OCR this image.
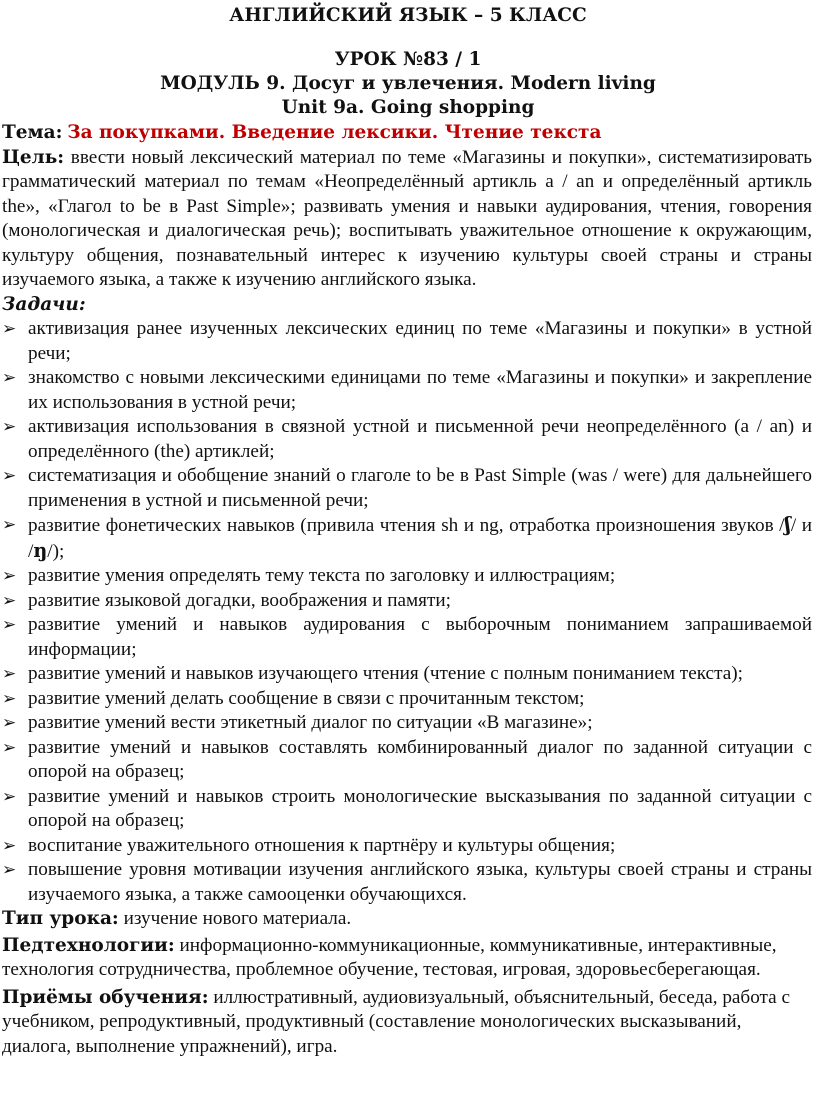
АНГЛИЙСКИЙ ЯЗЫК – 5 КЛАСС

УРОК №83 / 1

МОДУЛЬ 9. Досуг и увлечения. Modern living

Unit 9a. Going shopping

Тема: За покупками. Введение лексики. Чтение текста

Цель: ввести новый лексический материал по теме «Магазины и покупки», систематизировать грамматический материал по темам «Неопределённый артикль a / an и определённый артикль the», «Глагол to be в Past Simple»; развивать умения и навыки аудирования, чтения, говорения (монологическая и диалогическая речь); воспитывать уважительное отношение к окружающим, культуру общения, познавательный интерес к изучению культуры своей страны и страны изучаемого языка, а также к изучению английского языка.

Задачи:

➢ активизация ранее изученных лексических единиц по теме «Магазины и покупки» в устной речи;
➢ знакомство с новыми лексическими единицами по теме «Магазины и покупки» и закрепление их использования в устной речи;
➢ активизация использования в связной устной и письменной речи неопределённого (a / an) и определённого (the) артиклей;
➢ систематизация и обобщение знаний о глаголе to be в Past Simple (was / were) для дальнейшего применения в устной и письменной речи;
➢ развитие фонетических навыков (привила чтения sh и ng, отработка произношения звуков /ʃ/ и /ŋ/);
➢ развитие умения определять тему текста по заголовку и иллюстрациям;
➢ развитие языковой догадки, воображения и памяти;
➢ развитие умений и навыков аудирования с выборочным пониманием запрашиваемой информации;
➢ развитие умений и навыков изучающего чтения (чтение с полным пониманием текста);
➢ развитие умений делать сообщение в связи с прочитанным текстом;
➢ развитие умений вести этикетный диалог по ситуации «В магазине»;
➢ развитие умений и навыков составлять комбинированный диалог по заданной ситуации с опорой на образец;
➢ развитие умений и навыков строить монологические высказывания по заданной ситуации с опорой на образец;
➢ воспитание уважительного отношения к партнёру и культуры общения;
➢ повышение уровня мотивации изучения английского языка, культуры своей страны и страны изучаемого языка, а также самооценки обучающихся.

Тип урока: изучение нового материала.

Педтехнологии: информационно-коммуникационные, коммуникативные, интерактивные, технология сотрудничества, проблемное обучение, тестовая, игровая, здоровьесберегающая.

Приёмы обучения: иллюстративный, аудиовизуальный, объяснительный, беседа, работа с учебником, репродуктивный, продуктивный (составление монологических высказываний, диалога, выполнение упражнений), игра.
